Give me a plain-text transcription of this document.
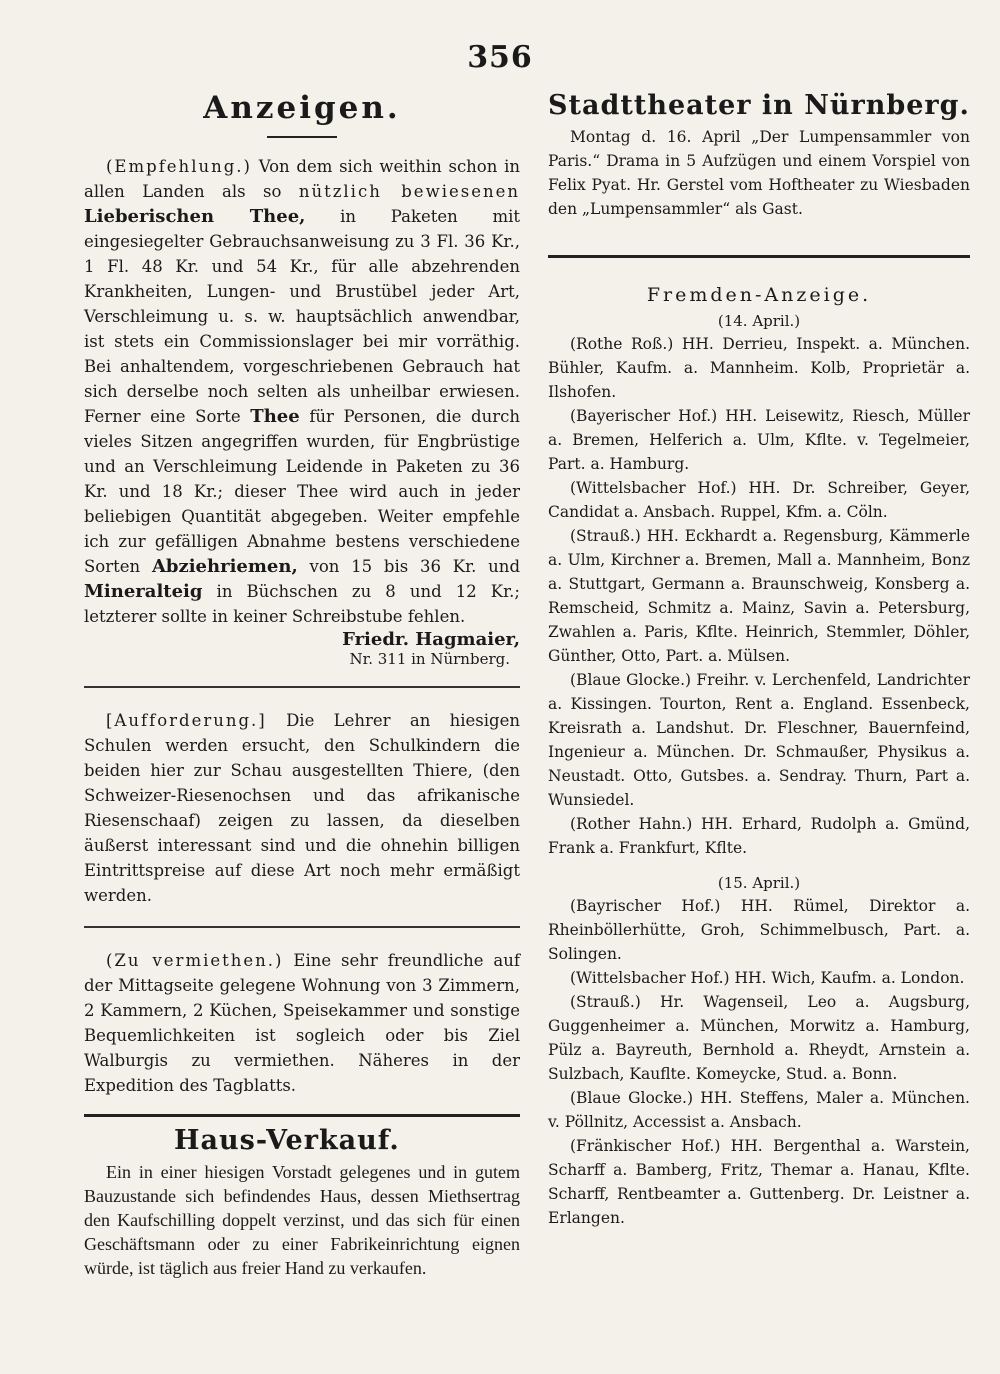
356
Anzeigen.

(Empfehlung.) Von dem sich weithin schon in allen Landen als so nützlich bewiesenen Lieberischen Thee, in Paketen mit eingesiegelter Gebrauchsanweisung zu 3 Fl. 36 Kr., 1 Fl. 48 Kr. und 54 Kr., für alle abzehrenden Krankheiten, Lungen- und Brustübel jeder Art, Verschleimung u. s. w. hauptsächlich anwendbar, ist stets ein Commissionslager bei mir vorräthig. Bei anhaltendem, vorgeschriebenen Gebrauch hat sich derselbe noch selten als unheilbar erwiesen. Ferner eine Sorte Thee für Personen, die durch vieles Sitzen angegriffen wurden, für Engbrüstige und an Verschleimung Leidende in Paketen zu 36 Kr. und 18 Kr.; dieser Thee wird auch in jeder beliebigen Quantität abgegeben. Weiter empfehle ich zur gefälligen Abnahme bestens verschiedene Sorten Abziehriemen, von 15 bis 36 Kr. und Mineralteig in Büchschen zu 8 und 12 Kr.; letzterer sollte in keiner Schreibstube fehlen.

Friedr. Hagmaier,
Nr. 311 in Nürnberg.

[Aufforderung.] Die Lehrer an hiesigen Schulen werden ersucht, den Schulkindern die beiden hier zur Schau ausgestellten Thiere, (den Schweizer-Riesenochsen und das afrikanische Riesenschaaf) zeigen zu lassen, da dieselben äußerst interessant sind und die ohnehin billigen Eintrittspreise auf diese Art noch mehr ermäßigt werden.

(Zu vermiethen.) Eine sehr freundliche auf der Mittagseite gelegene Wohnung von 3 Zimmern, 2 Kammern, 2 Küchen, Speisekammer und sonstige Bequemlichkeiten ist sogleich oder bis Ziel Walburgis zu vermiethen. Näheres in der Expedition des Tagblatts.

Haus-Verkauf.

Ein in einer hiesigen Vorstadt gelegenes und in gutem Bauzustande sich befindendes Haus, dessen Miethsertrag den Kaufschilling doppelt verzinst, und das sich für einen Geschäftsmann oder zu einer Fabrikeinrichtung eignen würde, ist täglich aus freier Hand zu verkaufen.

Stadttheater in Nürnberg.

Montag d. 16. April „Der Lumpensammler von Paris.“ Drama in 5 Aufzügen und einem Vorspiel von Felix Pyat. Hr. Gerstel vom Hoftheater zu Wiesbaden den „Lumpensammler“ als Gast.

Fremden-Anzeige.
(14. April.)

(Rothe Roß.) HH. Derrieu, Inspekt. a. München. Bühler, Kaufm. a. Mannheim. Kolb, Proprietär a. Ilshofen.

(Bayerischer Hof.) HH. Leisewitz, Riesch, Müller a. Bremen, Helferich a. Ulm, Kflte. v. Tegelmeier, Part. a. Hamburg.

(Wittelsbacher Hof.) HH. Dr. Schreiber, Geyer, Candidat a. Ansbach. Ruppel, Kfm. a. Cöln.

(Strauß.) HH. Eckhardt a. Regensburg, Kämmerle a. Ulm, Kirchner a. Bremen, Mall a. Mannheim, Bonz a. Stuttgart, Germann a. Braunschweig, Konsberg a. Remscheid, Schmitz a. Mainz, Savin a. Petersburg, Zwahlen a. Paris, Kflte. Heinrich, Stemmler, Döhler, Günther, Otto, Part. a. Mülsen.

(Blaue Glocke.) Freihr. v. Lerchenfeld, Landrichter a. Kissingen. Tourton, Rent a. England. Essenbeck, Kreisrath a. Landshut. Dr. Fleschner, Bauernfeind, Ingenieur a. München. Dr. Schmaußer, Physikus a. Neustadt. Otto, Gutsbes. a. Sendray. Thurn, Part a. Wunsiedel.

(Rother Hahn.) HH. Erhard, Rudolph a. Gmünd, Frank a. Frankfurt, Kflte.

(15. April.)

(Bayrischer Hof.) HH. Rümel, Direktor a. Rheinböllerhütte, Groh, Schimmelbusch, Part. a. Solingen.

(Wittelsbacher Hof.) HH. Wich, Kaufm. a. London.

(Strauß.) Hr. Wagenseil, Leo a. Augsburg, Guggenheimer a. München, Morwitz a. Hamburg, Pülz a. Bayreuth, Bernhold a. Rheydt, Arnstein a. Sulzbach, Kauflte. Komeycke, Stud. a. Bonn.

(Blaue Glocke.) HH. Steffens, Maler a. München. v. Pöllnitz, Accessist a. Ansbach.

(Fränkischer Hof.) HH. Bergenthal a. Warstein, Scharff a. Bamberg, Fritz, Themar a. Hanau, Kflte. Scharff, Rentbeamter a. Guttenberg. Dr. Leistner a. Erlangen.
